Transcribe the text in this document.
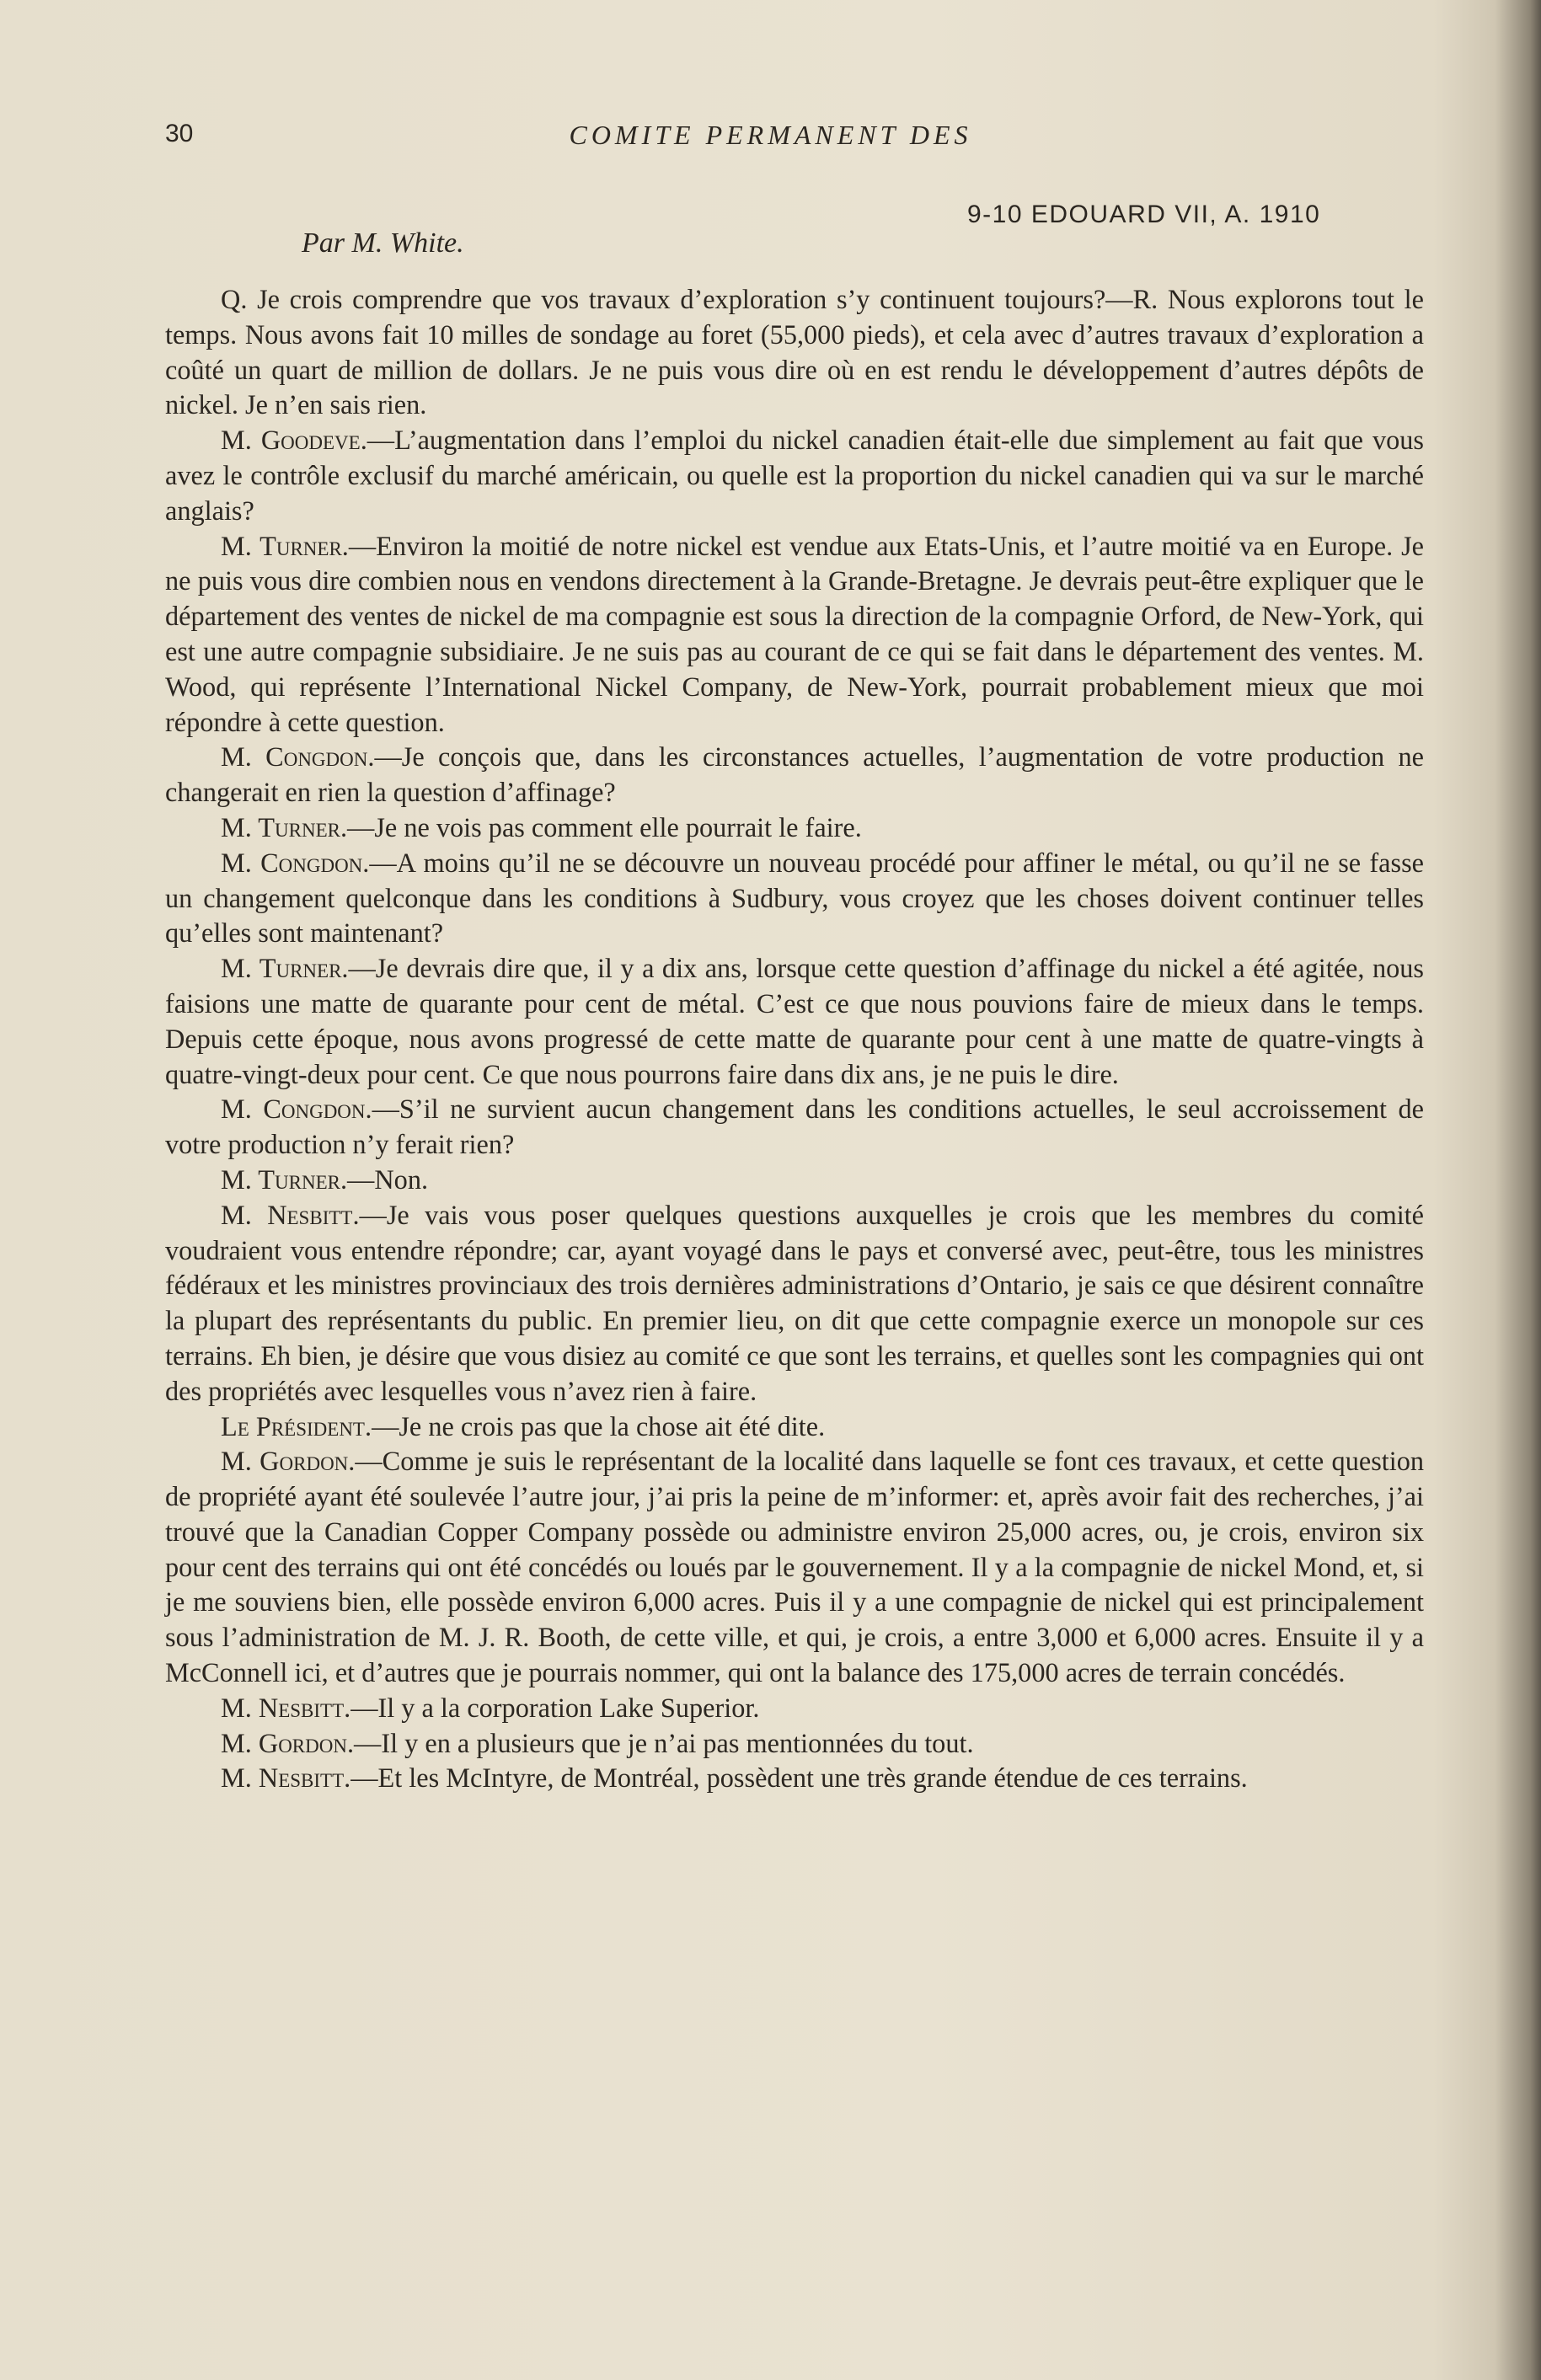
30	COMITE PERMANENT DES

9-10 EDOUARD VII, A. 1910

Par M. White.

Q. Je crois comprendre que vos travaux d’exploration s’y continuent toujours?—R. Nous explorons tout le temps. Nous avons fait 10 milles de sondage au foret (55,000 pieds), et cela avec d’autres travaux d’exploration a coûté un quart de million de dollars. Je ne puis vous dire où en est rendu le développement d’autres dépôts de nickel. Je n’en sais rien.

M. Goodeve.—L’augmentation dans l’emploi du nickel canadien était-elle due simplement au fait que vous avez le contrôle exclusif du marché américain, ou quelle est la proportion du nickel canadien qui va sur le marché anglais?

M. Turner.—Environ la moitié de notre nickel est vendue aux Etats-Unis, et l’autre moitié va en Europe. Je ne puis vous dire combien nous en vendons directement à la Grande-Bretagne. Je devrais peut-être expliquer que le département des ventes de nickel de ma compagnie est sous la direction de la compagnie Orford, de New-York, qui est une autre compagnie subsidiaire. Je ne suis pas au courant de ce qui se fait dans le département des ventes. M. Wood, qui représente l’International Nickel Company, de New-York, pourrait probablement mieux que moi répondre à cette question.

M. Congdon.—Je conçois que, dans les circonstances actuelles, l’augmentation de votre production ne changerait en rien la question d’affinage?

M. Turner.—Je ne vois pas comment elle pourrait le faire.

M. Congdon.—A moins qu’il ne se découvre un nouveau procédé pour affiner le métal, ou qu’il ne se fasse un changement quelconque dans les conditions à Sudbury, vous croyez que les choses doivent continuer telles qu’elles sont maintenant?

M. Turner.—Je devrais dire que, il y a dix ans, lorsque cette question d’affinage du nickel a été agitée, nous faisions une matte de quarante pour cent de métal. C’est ce que nous pouvions faire de mieux dans le temps. Depuis cette époque, nous avons progressé de cette matte de quarante pour cent à une matte de quatre-vingts à quatre-vingt-deux pour cent. Ce que nous pourrons faire dans dix ans, je ne puis le dire.

M. Congdon.—S’il ne survient aucun changement dans les conditions actuelles, le seul accroissement de votre production n’y ferait rien?

M. Turner.—Non.

M. Nesbitt.—Je vais vous poser quelques questions auxquelles je crois que les membres du comité voudraient vous entendre répondre; car, ayant voyagé dans le pays et conversé avec, peut-être, tous les ministres fédéraux et les ministres provinciaux des trois dernières administrations d’Ontario, je sais ce que désirent connaître la plupart des représentants du public. En premier lieu, on dit que cette compagnie exerce un monopole sur ces terrains. Eh bien, je désire que vous disiez au comité ce que sont les terrains, et quelles sont les compagnies qui ont des propriétés avec lesquelles vous n’avez rien à faire.

Le Président.—Je ne crois pas que la chose ait été dite.

M. Gordon.—Comme je suis le représentant de la localité dans laquelle se font ces travaux, et cette question de propriété ayant été soulevée l’autre jour, j’ai pris la peine de m’informer: et, après avoir fait des recherches, j’ai trouvé que la Canadian Copper Company possède ou administre environ 25,000 acres, ou, je crois, environ six pour cent des terrains qui ont été concédés ou loués par le gouvernement. Il y a la compagnie de nickel Mond, et, si je me souviens bien, elle possède environ 6,000 acres. Puis il y a une compagnie de nickel qui est principalement sous l’administration de M. J. R. Booth, de cette ville, et qui, je crois, a entre 3,000 et 6,000 acres. Ensuite il y a McConnell ici, et d’autres que je pourrais nommer, qui ont la balance des 175,000 acres de terrain concédés.

M. Nesbitt.—Il y a la corporation Lake Superior.

M. Gordon.—Il y en a plusieurs que je n’ai pas mentionnées du tout.

M. Nesbitt.—Et les McIntyre, de Montréal, possèdent une très grande étendue de ces terrains.
